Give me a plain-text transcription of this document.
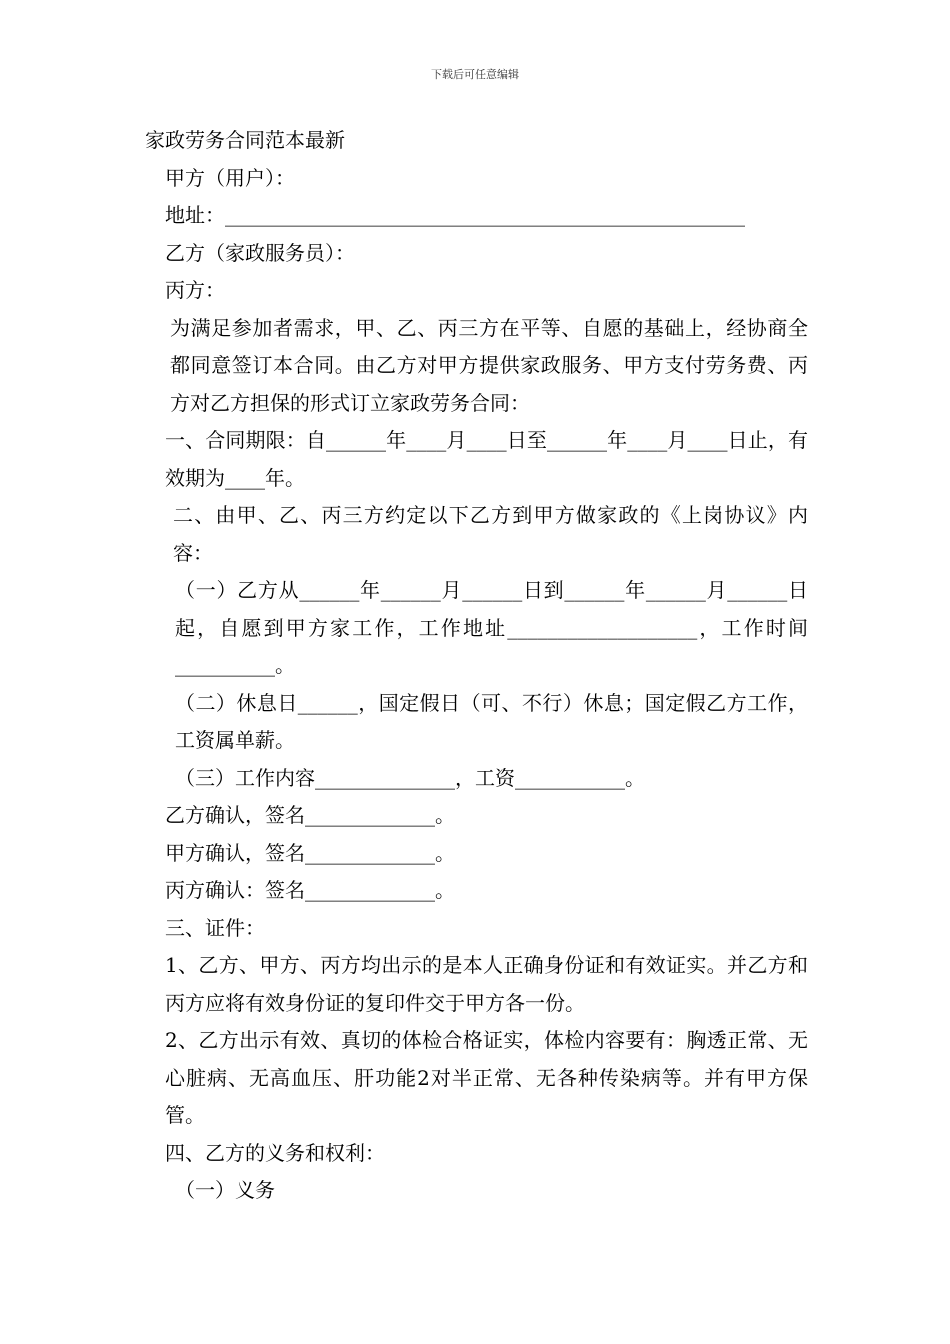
下载后可任意编辑

家政劳务合同范本最新

甲方（用户）：

地址：____________________________________________________

乙方（家政服务员）：

丙方：

为满足参加者需求，甲、乙、丙三方在平等、自愿的基础上，经协商全都同意签订本合同。由乙方对甲方提供家政服务、甲方支付劳务费、丙方对乙方担保的形式订立家政劳务合同：

一、合同期限：自______年____月____日至______年____月____日止，有效期为____年。

二、由甲、乙、丙三方约定以下乙方到甲方做家政的《上岗协议》内容：

（一）乙方从______年______月______日到______年______月______日起，自愿到甲方家工作，工作地址___________________，工作时间__________。

（二）休息日______，国定假日（可、不行）休息；国定假乙方工作，工资属单薪。

（三）工作内容______________，工资___________。

乙方确认，签名_____________。

甲方确认，签名_____________。

丙方确认：签名_____________。

三、证件：

1、乙方、甲方、丙方均出示的是本人正确身份证和有效证实。并乙方和丙方应将有效身份证的复印件交于甲方各一份。

2、乙方出示有效、真切的体检合格证实，体检内容要有：胸透正常、无心脏病、无高血压、肝功能2对半正常、无各种传染病等。并有甲方保管。

四、乙方的义务和权利：

（一）义务
